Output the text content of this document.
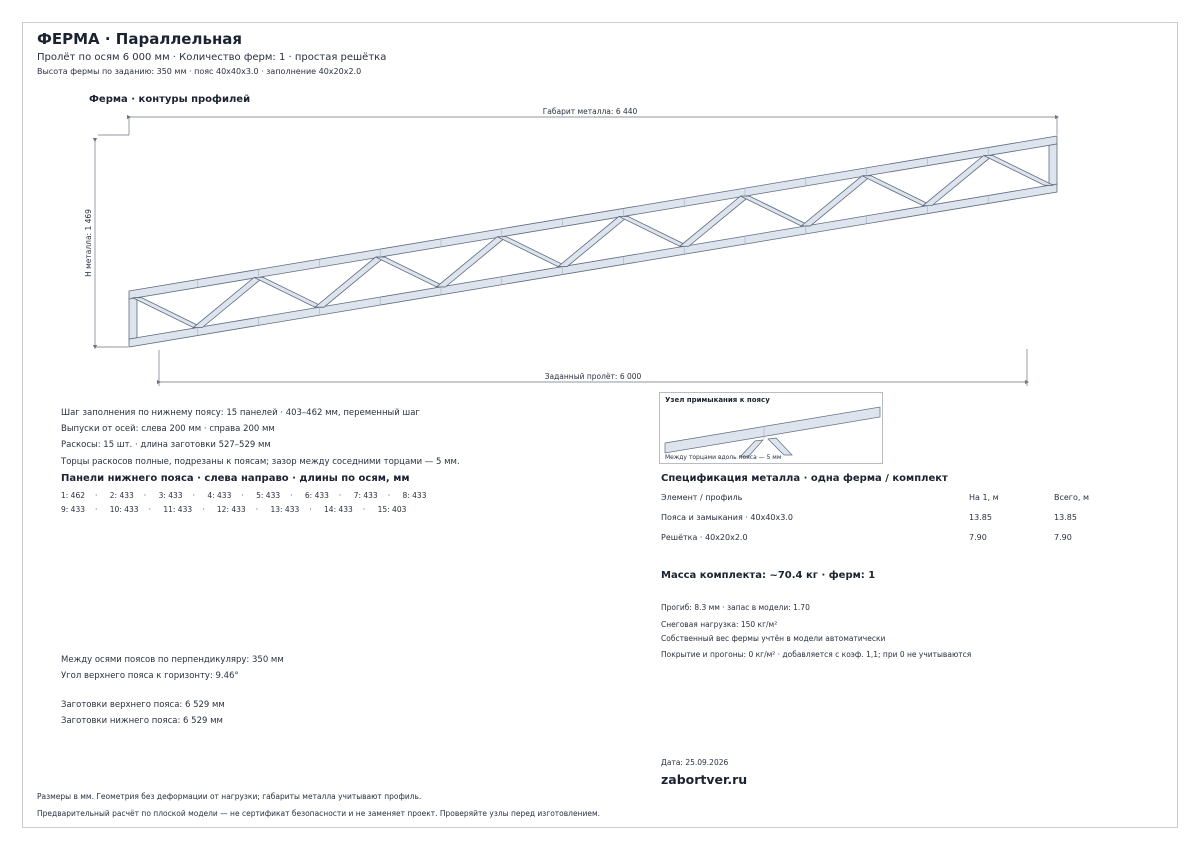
ФЕРМА · Параллельная
Пролёт по осям 6 000 мм · Количество ферм: 1 · простая решётка
Высота фермы по заданию: 350 мм · пояс 40x40x3.0 · заполнение 40x20x2.0
Ферма · контуры профилей
Габарит металла: 6 440
Н металла: 1 469
Заданный пролёт: 6 000
Шаг заполнения по нижнему поясу: 15 панелей · 403–462 мм, переменный шаг
Выпуски от осей: слева 200 мм · справа 200 мм
Раскосы: 15 шт. · длина заготовки 527–529 мм
Торцы раскосов полные, подрезаны к поясам; зазор между соседними торцами — 5 мм.
Панели нижнего пояса · слева направо · длины по осям, мм
1: 462 · 2: 433 · 3: 433 · 4: 433 · 5: 433 · 6: 433 · 7: 433 · 8: 433
9: 433 · 10: 433 · 11: 433 · 12: 433 · 13: 433 · 14: 433 · 15: 403
Между осями поясов по перпендикуляру: 350 мм
Угол верхнего пояса к горизонту: 9.46°
Заготовки верхнего пояса: 6 529 мм
Заготовки нижнего пояса: 6 529 мм
Узел примыкания к поясу
Между торцами вдоль пояса — 5 мм
Спецификация металла · одна ферма / комплект
Элемент / профиль	На 1, м	Всего, м
Пояса и замыкания · 40x40x3.0	13.85	13.85
Решётка · 40x20x2.0	7.90	7.90
Масса комплекта: ~70.4 кг · ферм: 1
Прогиб: 8.3 мм · запас в модели: 1.70
Снеговая нагрузка: 150 кг/м²
Собственный вес фермы учтён в модели автоматически
Покрытие и прогоны: 0 кг/м² · добавляется с коэф. 1,1; при 0 не учитываются
Дата: 25.09.2026
zabortver.ru
Размеры в мм. Геометрия без деформации от нагрузки; габариты металла учитывают профиль.
Предварительный расчёт по плоской модели — не сертификат безопасности и не заменяет проект. Проверяйте узлы перед изготовлением.
